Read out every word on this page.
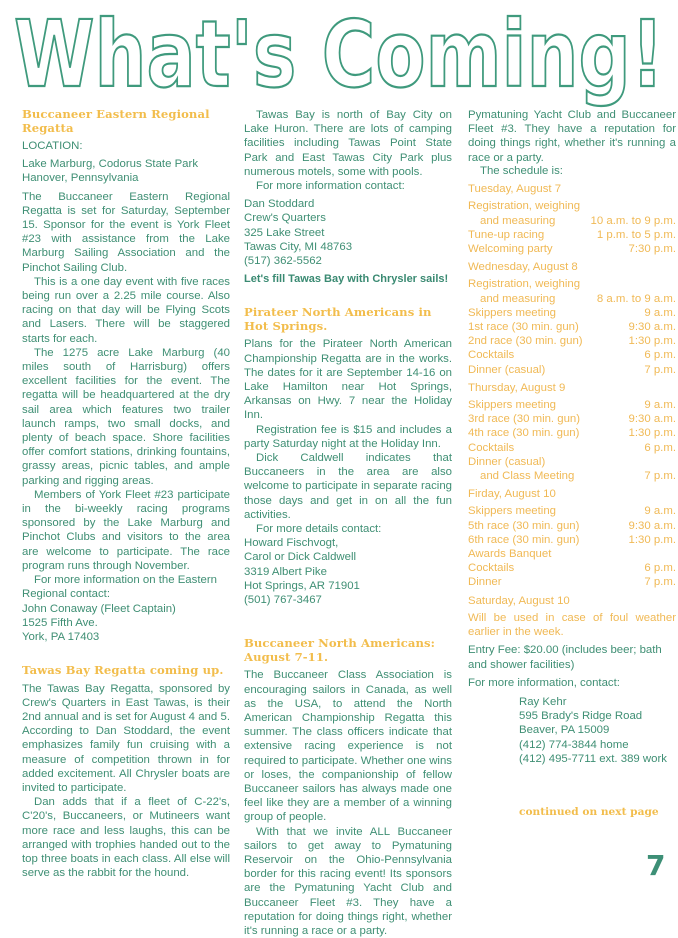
What's Coming!
Buccaneer Eastern Regional Regatta

LOCATION:

Lake Marburg, Codorus State Park

Hanover, Pennsylvania

The Buccaneer Eastern Regional Regatta is set for Saturday, September 15. Sponsor for the event is York Fleet #23 with assistance from the Lake Marburg Sailing Association and the Pinchot Sailing Club.

This is a one day event with five races being run over a 2.25 mile course. Also racing on that day will be Flying Scots and Lasers. There will be staggered starts for each.

The 1275 acre Lake Marburg (40 miles south of Harrisburg) offers excellent facilities for the event. The regatta will be headquartered at the dry sail area which features two trailer launch ramps, two small docks, and plenty of beach space. Shore facilities offer comfort stations, drinking fountains, grassy areas, picnic tables, and ample parking and rigging areas.

Members of York Fleet #23 participate in the bi-weekly racing programs sponsored by the Lake Marburg and Pinchot Clubs and visitors to the area are welcome to participate. The race program runs through November.

For more information on the Eastern Regional contact:

John Conaway (Fleet Captain)

1525 Fifth Ave.

York, PA 17403

Tawas Bay Regatta coming up.

The Tawas Bay Regatta, sponsored by Crew's Quarters in East Tawas, is their 2nd annual and is set for August 4 and 5. According to Dan Stoddard, the event emphasizes family fun cruising with a measure of competition thrown in for added excitement. All Chrysler boats are invited to participate.

Dan adds that if a fleet of C-22's, C'20's, Buccaneers, or Mutineers want more race and less laughs, this can be arranged with trophies handed out to the top three boats in each class. All else will serve as the rabbit for the hound.

Tawas Bay is north of Bay City on Lake Huron. There are lots of camping facilities including Tawas Point State Park and East Tawas City Park plus numerous motels, some with pools.

For more information contact:

Dan Stoddard

Crew's Quarters

325 Lake Street

Tawas City, MI 48763

(517) 362-5562

Let's fill Tawas Bay with Chrysler sails!

Pirateer North Americans in Hot Springs.

Plans for the Pirateer North American Championship Regatta are in the works. The dates for it are September 14-16 on Lake Hamilton near Hot Springs, Arkansas on Hwy. 7 near the Holiday Inn.

Registration fee is $15 and includes a party Saturday night at the Holiday Inn.

Dick Caldwell indicates that Buccaneers in the area are also welcome to participate in separate racing those days and get in on all the fun activities.

For more details contact:

Howard Fischvogt,

Carol or Dick Caldwell

3319 Albert Pike

Hot Springs, AR 71901

(501) 767-3467

Buccaneer North Americans: August 7-11.

The Buccaneer Class Association is encouraging sailors in Canada, as well as the USA, to attend the North American Championship Regatta this summer. The class officers indicate that extensive racing experience is not required to participate. Whether one wins or loses, the companionship of fellow Buccaneer sailors has always made one feel like they are a member of a winning group of people.

With that we invite ALL Buccaneer sailors to get away to Pymatuning Reservoir on the Ohio-Pennsylvania border for this racing event! Its sponsors are the Pymatuning Yacht Club and Buccaneer Fleet #3. They have a reputation for doing things right, whether it's running a race or a party.

Pymatuning Yacht Club and Buccaneer Fleet #3. They have a reputation for doing things right, whether it's running a race or a party.

The schedule is:

Tuesday, August 7
Registration, weighing
and measuring	10 a.m. to 9 p.m.
Tune-up racing	1 p.m. to 5 p.m.
Welcoming party	7:30 p.m.
Wednesday, August 8
Registration, weighing
and measuring	8 a.m. to 9 a.m.
Skippers meeting	9 a.m.
1st race (30 min. gun)	9:30 a.m.
2nd race (30 min. gun)	1:30 p.m.
Cocktails	6 p.m.
Dinner (casual)	7 p.m.
Thursday, August 9
Skippers meeting	9 a.m.
3rd race (30 min. gun)	9:30 a.m.
4th race (30 min. gun)	1:30 p.m.
Cocktails	6 p.m.
Dinner (casual)
and Class Meeting	7 p.m.
Firday, August 10
Skippers meeting	9 a.m.
5th race (30 min. gun)	9:30 a.m.
6th race (30 min. gun)	1:30 p.m.
Awards Banquet
Cocktails	6 p.m.
Dinner	7 p.m.
Saturday, August 10

Will be used in case of foul weather earlier in the week.

Entry Fee: $20.00 (includes beer; bath and shower facilities)

For more information, contact:

Ray Kehr

595 Brady's Ridge Road

Beaver, PA 15009

(412) 774-3844 home

(412) 495-7711 ext. 389 work

continued on next page
7
